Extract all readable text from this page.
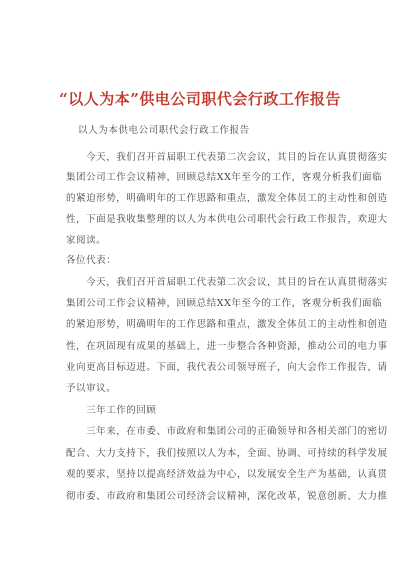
“以人为本”供电公司职代会行政工作报告
以人为本供电公司职代会行政工作报告
　　今天，我们召开首届职工代表第二次会议，其目的旨在认真贯彻落实
集团公司工作会议精神，回顾总结XX年至今的工作，客观分析我们面临
的紧迫形势，明确明年的工作思路和重点，激发全体员工的主动性和创造
性，下面是我收集整理的以人为本供电公司职代会行政工作报告，欢迎大
家阅读。
各位代表：
　　今天，我们召开首届职工代表第二次会议，其目的旨在认真贯彻落实
集团公司工作会议精神，回顾总结XX年至今的工作，客观分析我们面临
的紧迫形势，明确明年的工作思路和重点，激发全体员工的主动性和创造
性，在巩固现有成果的基础上，进一步整合各种资源，推动公司的电力事
业向更高目标迈进。下面，我代表公司领导班子，向大会作工作报告，请
予以审议。
　　三年工作的回顾
　　三年来，在市委、市政府和集团公司的正确领导和各相关部门的密切
配合、大力支持下，我们按照以人为本，全面、协调、可持续的科学发展
观的要求，坚持以提高经济效益为中心，以发展安全生产为基础，认真贯
彻市委、市政府和集团公司经济会议精神，深化改革，锐意创新、大力推
